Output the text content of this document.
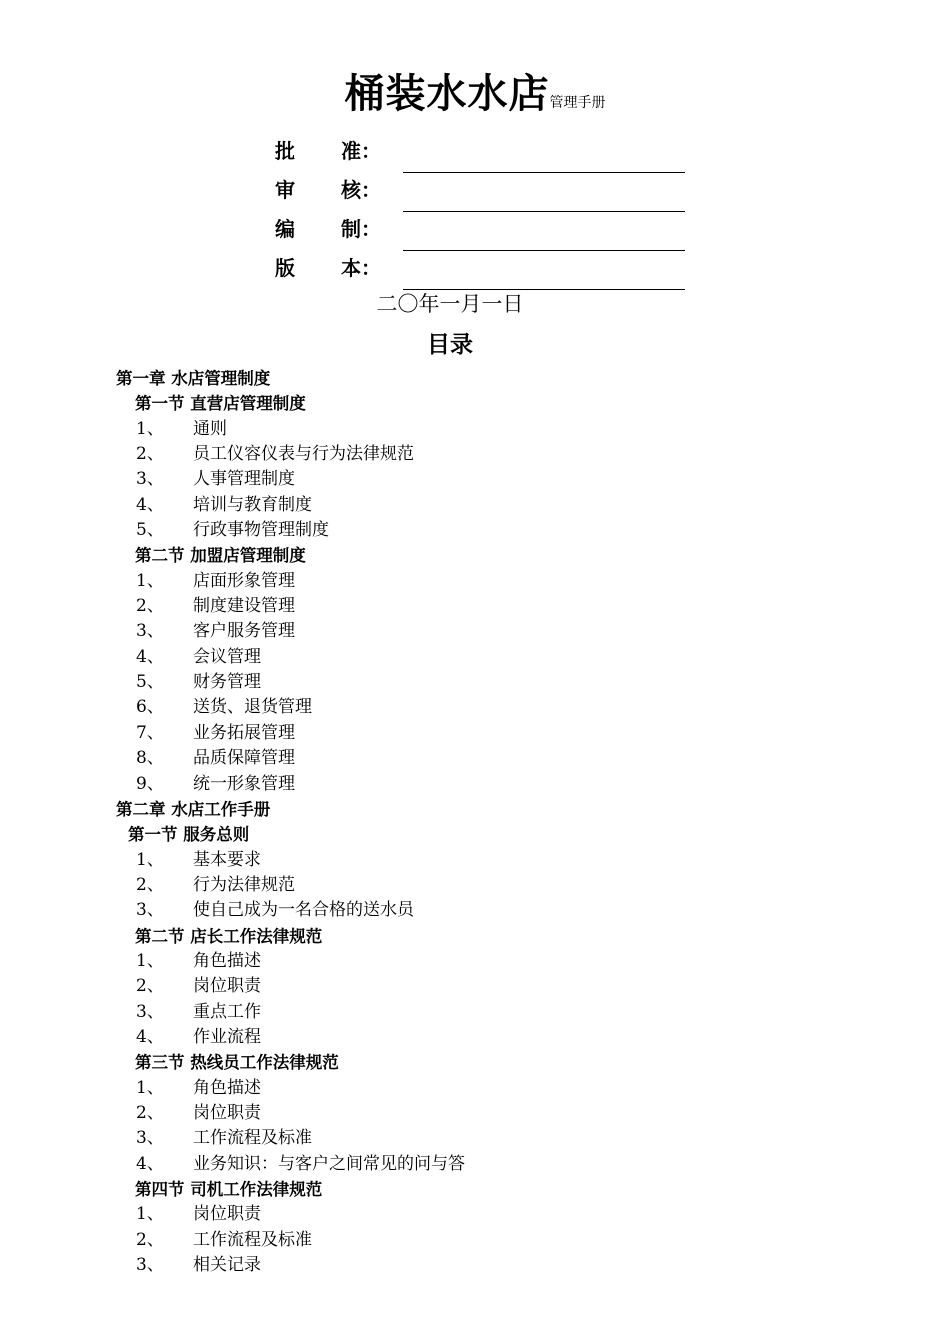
桶装水水店管理手册
批 准：
审 核：
编 制：
版 本：
二〇年一月一日
目录
第一章 水店管理制度
第一节 直营店管理制度
1、 通则
2、 员工仪容仪表与行为法律规范
3、 人事管理制度
4、 培训与教育制度
5、 行政事物管理制度
第二节 加盟店管理制度
1、 店面形象管理
2、 制度建设管理
3、 客户服务管理
4、 会议管理
5、 财务管理
6、 送货、退货管理
7、 业务拓展管理
8、 品质保障管理
9、 统一形象管理
第二章 水店工作手册
第一节 服务总则
1、 基本要求
2、 行为法律规范
3、 使自己成为一名合格的送水员
第二节 店长工作法律规范
1、 角色描述
2、 岗位职责
3、 重点工作
4、 作业流程
第三节 热线员工作法律规范
1、 角色描述
2、 岗位职责
3、 工作流程及标准
4、 业务知识：与客户之间常见的问与答
第四节 司机工作法律规范
1、 岗位职责
2、 工作流程及标准
3、 相关记录
